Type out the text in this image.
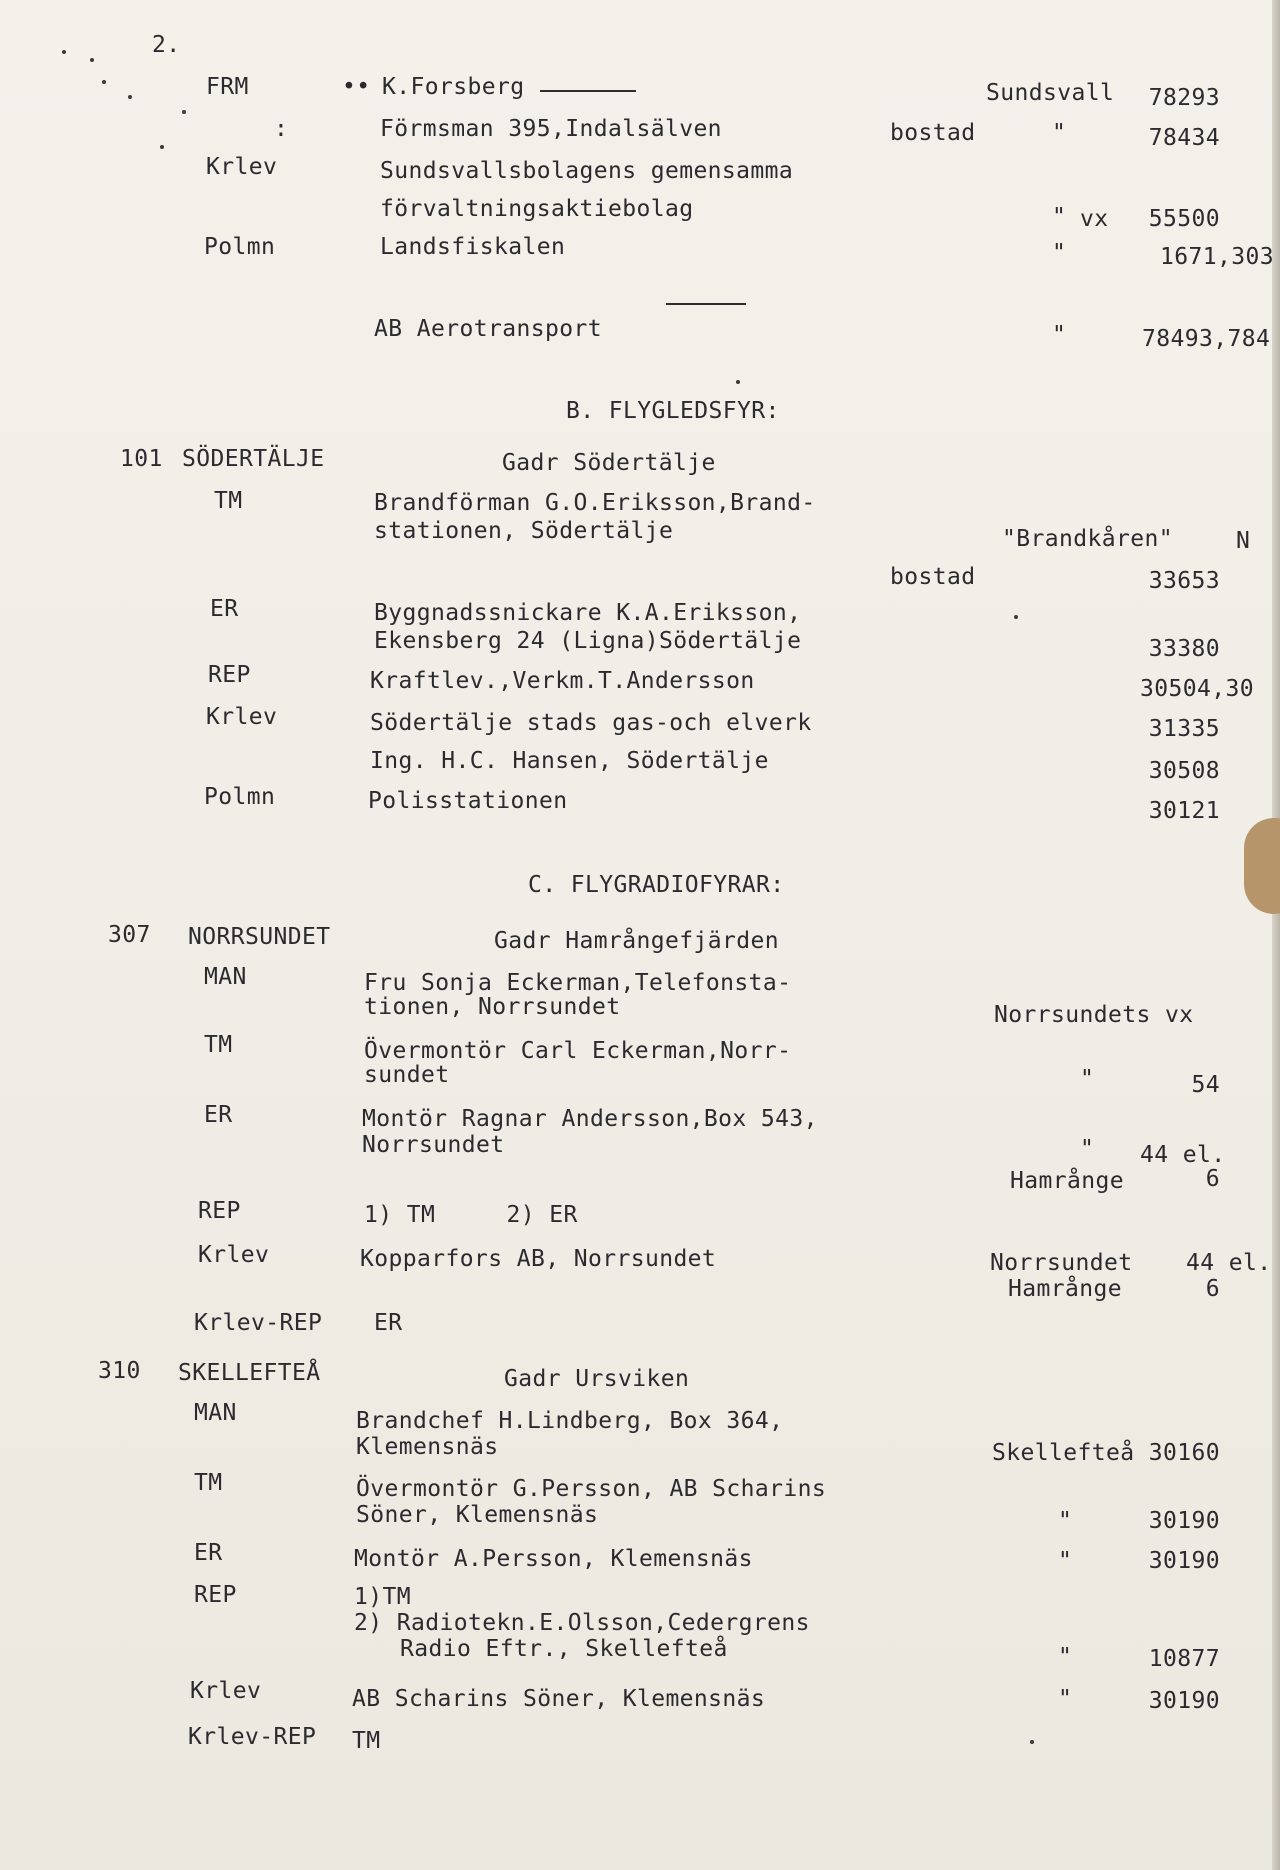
2.
FRM	•• K.Forsberg	Sundsvall	78293
:	Förmsman 395,Indalsälven	bostad	"	78434
Krlev	Sundsvallsbolagens gemensamma
förvaltningsaktiebolag	" vx	55500
Polmn	Landsfiskalen	"	1671,303
AB Aerotransport	"	78493,784
B. FLYGLEDSFYR:
101 SÖDERTÄLJE	Gadr Södertälje
TM	Brandförman G.O.Eriksson,Brand-
stationen, Södertälje	"Brandkåren"	N
bostad	33653
ER	Byggnadssnickare K.A.Eriksson,
Ekensberg 24 (Ligna)Södertälje	33380
REP	Kraftlev.,Verkm.T.Andersson	30504,30
Krlev	Södertälje stads gas-och elverk	31335
Ing. H.C. Hansen, Södertälje	30508
Polmn	Polisstationen	30121
C. FLYGRADIOFYRAR:
307 NORRSUNDET	Gadr Hamrångefjärden
MAN	Fru Sonja Eckerman,Telefonsta-
tionen, Norrsundet	Norrsundets vx
TM	Övermontör Carl Eckerman,Norr-
sundet	"	54
ER	Montör Ragnar Andersson,Box 543,
Norrsundet	" 44 el.
Hamrånge	6
REP	1) TM     2) ER
Krlev	Kopparfors AB, Norrsundet	Norrsundet 44 el.
Hamrånge	6
Krlev-REP ER
310 SKELLEFTEÅ	Gadr Ursviken
MAN	Brandchef H.Lindberg, Box 364,
Klemensnäs	Skellefteå 30160
TM	Övermontör G.Persson, AB Scharins
Söner, Klemensnäs	"	30190
ER	Montör A.Persson, Klemensnäs	"	30190
REP	1)TM
2) Radiotekn.E.Olsson,Cedergrens
Radio Eftr., Skellefteå	"	10877
Krlev	AB Scharins Söner, Klemensnäs	"	30190
Krlev-REP TM
